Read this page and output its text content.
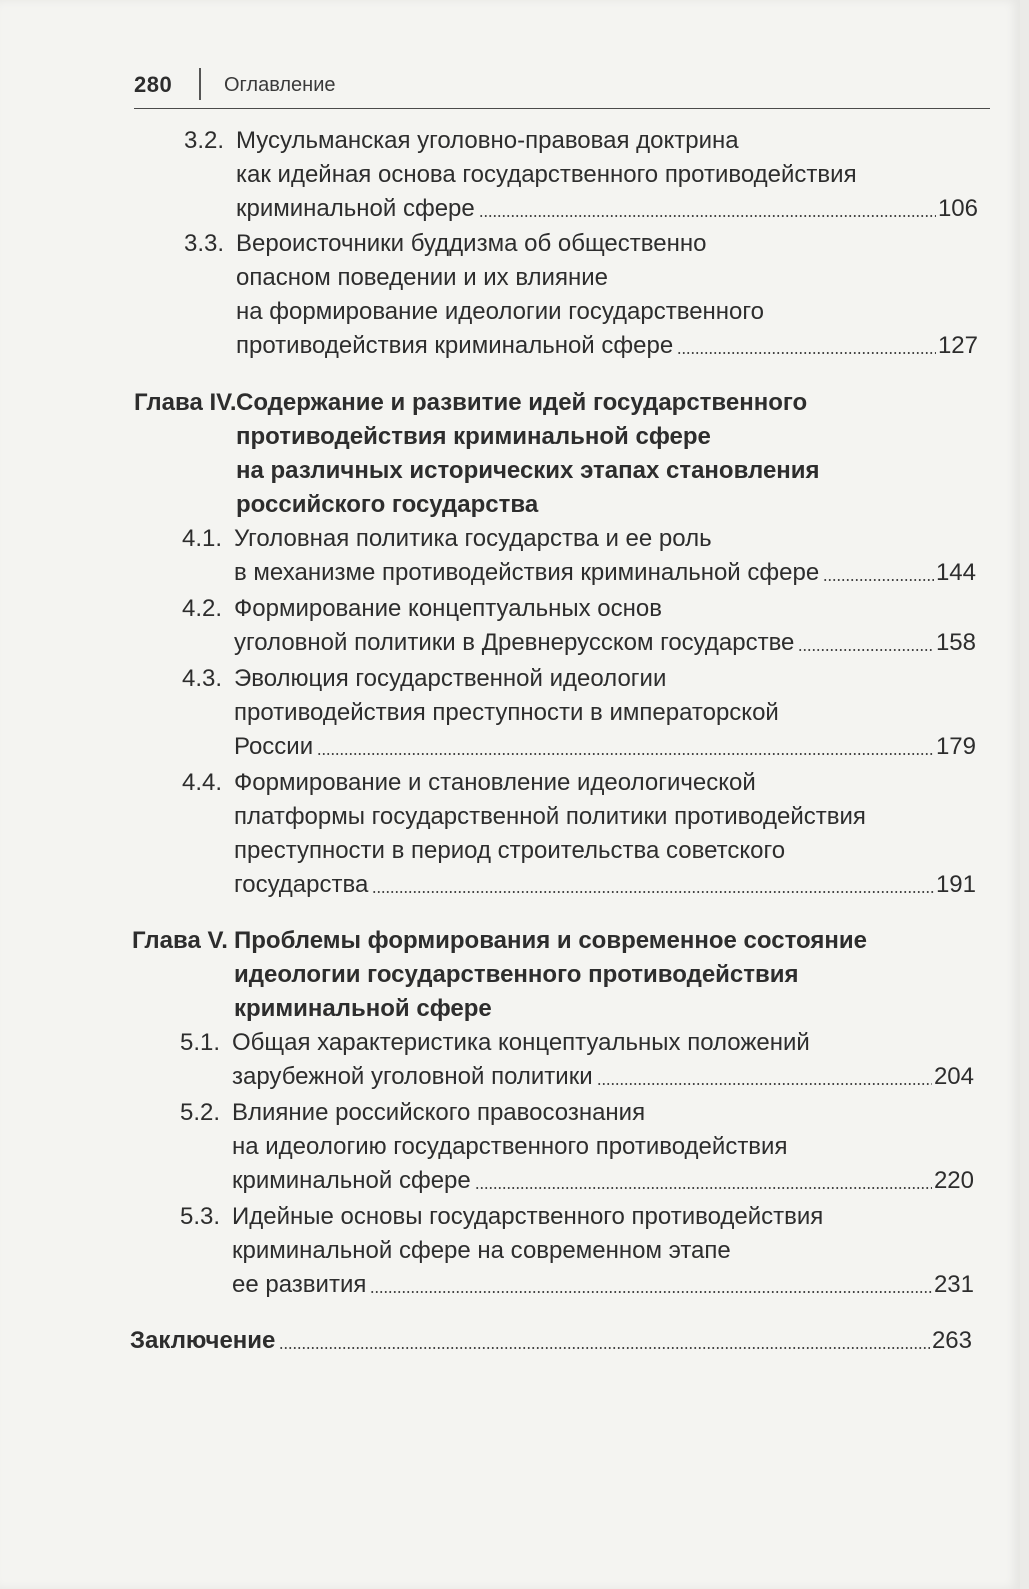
280	Оглавление
3.2. Мусульманская уголовно-правовая доктрина
как идейная основа государственного противодействия
криминальной сфере	106
3.3. Вероисточники буддизма об общественно
опасном поведении и их влияние
на формирование идеологии государственного
противодействия криминальной сфере	127
Глава IV. Содержание и развитие идей государственного
противодействия криминальной сфере
на различных исторических этапах становления
российского государства
4.1. Уголовная политика государства и ее роль
в механизме противодействия криминальной сфере	144
4.2. Формирование концептуальных основ
уголовной политики в Древнерусском государстве	158
4.3. Эволюция государственной идеологии
противодействия преступности в императорской
России	179
4.4. Формирование и становление идеологической
платформы государственной политики противодействия
преступности в период строительства советского
государства	191
Глава V. Проблемы формирования и современное состояние
идеологии государственного противодействия
криминальной сфере
5.1. Общая характеристика концептуальных положений
зарубежной уголовной политики	204
5.2. Влияние российского правосознания
на идеологию государственного противодействия
криминальной сфере	220
5.3. Идейные основы государственного противодействия
криминальной сфере на современном этапе
ее развития	231
Заключение	263
